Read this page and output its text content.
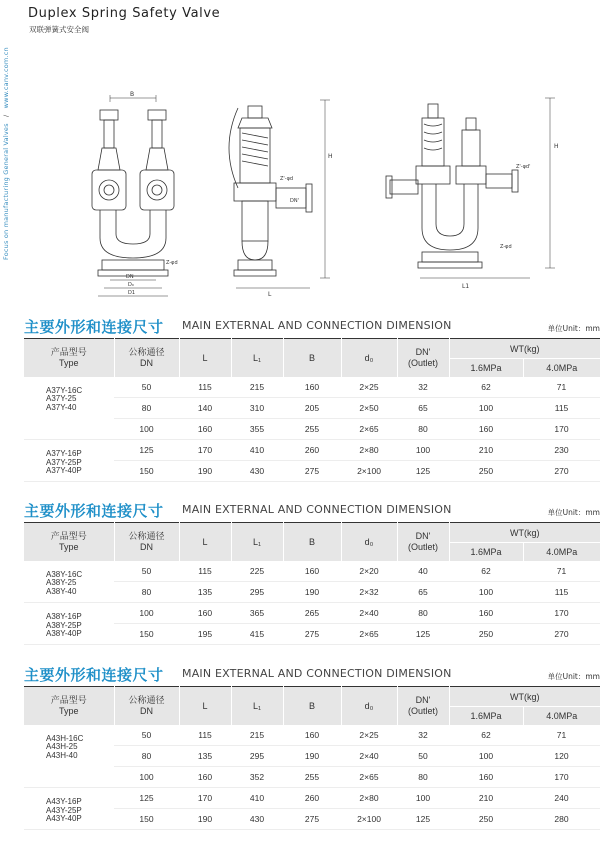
Focus on manufacturing General Valves / www.canv.com.cn
Duplex Spring Safety Valve
双联弹簧式安全阀
B
DN
D₀
D1
Z-φd
H
Z'-φd
DN'
L
H
Z'-φd'
Z-φd
L1
主要外形和连接尺寸 MAIN EXTERNAL AND CONNECTION DIMENSION	单位Unit：mm
产品型号
Type	公称通径
DN	L	L₁	B	d₀	DN'
(Outlet)	WT(kg)	
							1.6MPa	4.0MPa

A37Y-16C
A37Y-25
A37Y-40	50	115	215	160	2×25	32	62	71
	80	140	310	205	2×50	65	100	115
	100	160	355	255	2×65	80	160	170

A37Y-16P
A37Y-25P
A37Y-40P	125	170	410	260	2×80	100	210	230
	150	190	430	275	2×100	125	250	270
主要外形和连接尺寸 MAIN EXTERNAL AND CONNECTION DIMENSION	单位Unit：mm
产品型号
Type	公称通径
DN	L	L₁	B	d₀	DN'
(Outlet)	WT(kg)	
							1.6MPa	4.0MPa

A38Y-16C
A38Y-25
A38Y-40	50	115	225	160	2×20	40	62	71
	80	135	295	190	2×32	65	100	115

A38Y-16P
A38Y-25P
A38Y-40P	100	160	365	265	2×40	80	160	170
	150	195	415	275	2×65	125	250	270
主要外形和连接尺寸 MAIN EXTERNAL AND CONNECTION DIMENSION	单位Unit：mm
产品型号
Type	公称通径
DN	L	L₁	B	d₀	DN'
(Outlet)	WT(kg)	
							1.6MPa	4.0MPa

A43H-16C
A43H-25
A43H-40	50	115	215	160	2×25	32	62	71
	80	135	295	190	2×40	50	100	120
	100	160	352	255	2×65	80	160	170

A43Y-16P
A43Y-25P
A43Y-40P	125	170	410	260	2×80	100	210	240
	150	190	430	275	2×100	125	250	280
